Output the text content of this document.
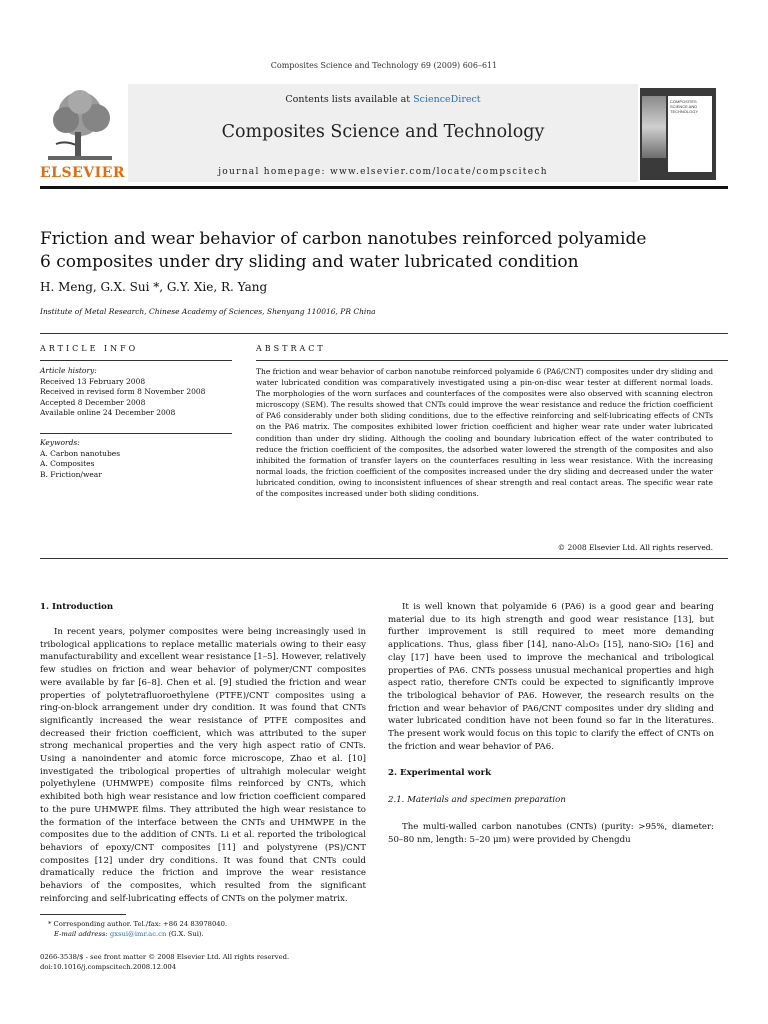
Composites Science and Technology 69 (2009) 606–611
Contents lists available at ScienceDirect
Composites Science and Technology
journal homepage: www.elsevier.com/locate/compscitech
ELSEVIER
COMPOSITES
SCIENCE AND
TECHNOLOGY
Friction and wear behavior of carbon nanotubes reinforced polyamide
6 composites under dry sliding and water lubricated condition
H. Meng, G.X. Sui *, G.Y. Xie, R. Yang
Institute of Metal Research, Chinese Academy of Sciences, Shenyang 110016, PR China
ARTICLE INFO	ABSTRACT
Article history:
Received 13 February 2008
Received in revised form 8 November 2008
Accepted 8 December 2008
Available online 24 December 2008
Keywords:
A. Carbon nanotubes
A. Composites
B. Friction/wear
The friction and wear behavior of carbon nanotube reinforced polyamide 6 (PA6/CNT) composites under dry sliding and water lubricated condition was comparatively investigated using a pin-on-disc wear tester at different normal loads. The morphologies of the worn surfaces and counterfaces of the composites were also observed with scanning electron microscopy (SEM). The results showed that CNTs could improve the wear resistance and reduce the friction coefficient of PA6 considerably under both sliding conditions, due to the effective reinforcing and self-lubricating effects of CNTs on the PA6 matrix. The composites exhibited lower friction coefficient and higher wear rate under water lubricated condition than under dry sliding. Although the cooling and boundary lubrication effect of the water contributed to reduce the friction coefficient of the composites, the adsorbed water lowered the strength of the composites and also inhibited the formation of transfer layers on the counterfaces resulting in less wear resistance. With the increasing normal loads, the friction coefficient of the composites increased under the dry sliding and decreased under the water lubricated condition, owing to inconsistent influences of shear strength and real contact areas. The specific wear rate of the composites increased under both sliding conditions.
© 2008 Elsevier Ltd. All rights reserved.
1. Introduction

In recent years, polymer composites were being increasingly used in tribological applications to replace metallic materials owing to their easy manufacturability and excellent wear resistance [1–5]. However, relatively few studies on friction and wear behavior of polymer/CNT composites were available by far [6–8]. Chen et al. [9] studied the friction and wear properties of polytetrafluoroethylene (PTFE)/CNT composites using a ring-on-block arrangement under dry condition. It was found that CNTs significantly increased the wear resistance of PTFE composites and decreased their friction coefficient, which was attributed to the super strong mechanical properties and the very high aspect ratio of CNTs. Using a nanoindenter and atomic force microscope, Zhao et al. [10] investigated the tribological properties of ultrahigh molecular weight polyethylene (UHMWPE) composite films reinforced by CNTs, which exhibited both high wear resistance and low friction coefficient compared to the pure UHMWPE films. They attributed the high wear resistance to the formation of the interface between the CNTs and UHMWPE in the composites due to the addition of CNTs. Li et al. reported the tribological behaviors of epoxy/CNT composites [11] and polystyrene (PS)/CNT composites [12] under dry conditions. It was found that CNTs could dramatically reduce the friction and improve the wear resistance behaviors of the composites, which resulted from the significant reinforcing and self-lubricating effects of CNTs on the polymer matrix.

It is well known that polyamide 6 (PA6) is a good gear and bearing material due to its high strength and good wear resistance [13], but further improvement is still required to meet more demanding applications. Thus, glass fiber [14], nano-Al₂O₃ [15], nano-SiO₂ [16] and clay [17] have been used to improve the mechanical and tribological properties of PA6. CNTs possess unusual mechanical properties and high aspect ratio, therefore CNTs could be expected to significantly improve the tribological behavior of PA6. However, the research results on the friction and wear behavior of PA6/CNT composites under dry sliding and water lubricated condition have not been found so far in the literatures. The present work would focus on this topic to clarify the effect of CNTs on the friction and wear behavior of PA6.

2. Experimental work
2.1. Materials and specimen preparation

The multi-walled carbon nanotubes (CNTs) (purity: >95%, diameter: 50–80 nm, length: 5–20 μm) were provided by Chengdu

* Corresponding author. Tel./fax: +86 24 83978040.
E-mail address: gxsui@imr.ac.cn (G.X. Sui).
0266-3538/$ - see front matter © 2008 Elsevier Ltd. All rights reserved.
doi:10.1016/j.compscitech.2008.12.004
